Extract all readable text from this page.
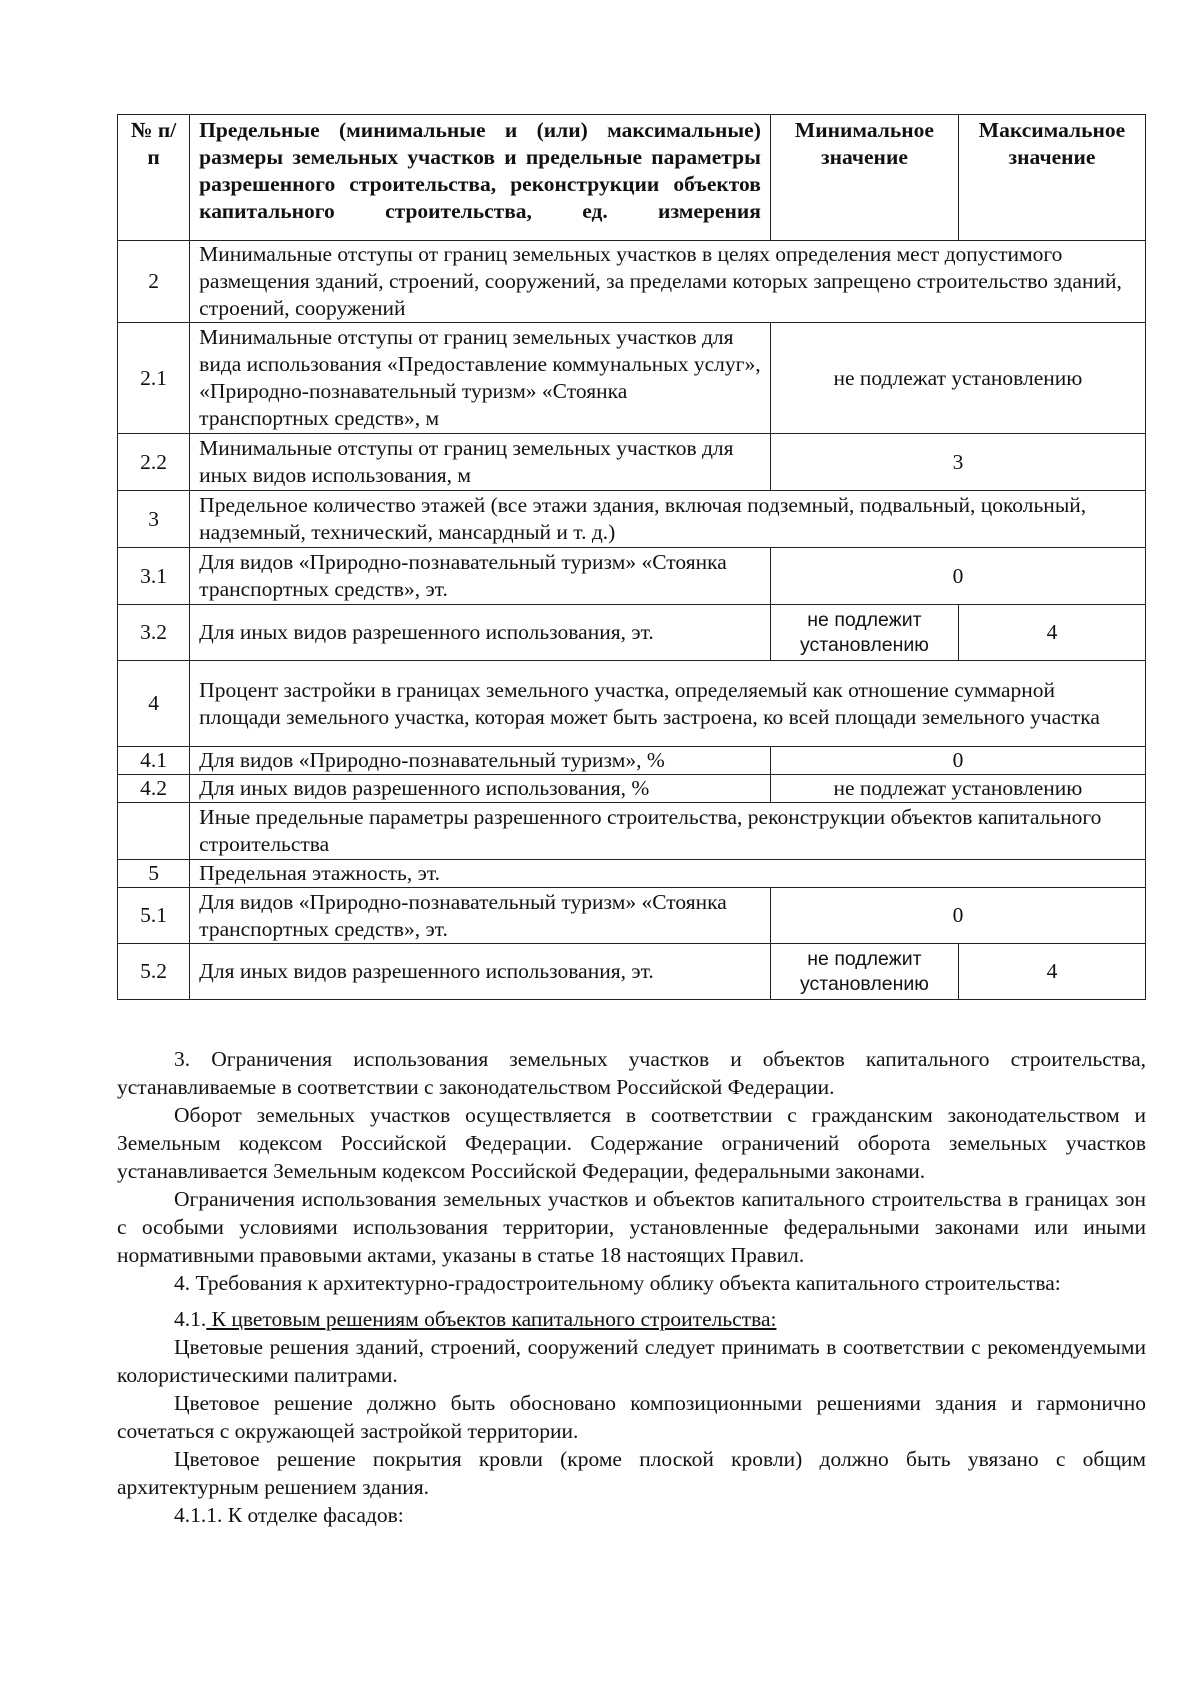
№ п/п	Предельные (минимальные и (или) максимальные) размеры земельных участков и предельные параметры разрешенного строительства, реконструкции объектов капитального строительства, ед. измерения	Минимальное значение	Максимальное значение
2	Минимальные отступы от границ земельных участков в целях определения мест допустимого размещения зданий, строений, сооружений, за пределами которых запрещено строительство зданий, строений, сооружений		
2.1	Минимальные отступы от границ земельных участков для вида использования «Предоставление коммунальных услуг», «Природно-познавательный туризм» «Стоянка транспортных средств», м	не подлежат установлению	
2.2	Минимальные отступы от границ земельных участков для иных видов использования, м	3	
3	Предельное количество этажей (все этажи здания, включая подземный, подвальный, цокольный, надземный, технический, мансардный и т. д.)		
3.1	Для видов «Природно-познавательный туризм» «Стоянка транспортных средств», эт.	0	
3.2	Для иных видов разрешенного использования, эт.	не подлежит установлению	4
4	Процент застройки в границах земельного участка, определяемый как отношение суммарной площади земельного участка, которая может быть застроена, ко всей площади земельного участка		
4.1	Для видов «Природно-познавательный туризм», %	0	
4.2	Для иных видов разрешенного использования, %	не подлежат установлению	
	Иные предельные параметры разрешенного строительства, реконструкции объектов капитального строительства		
5	Предельная этажность, эт.		
5.1	Для видов «Природно-познавательный туризм» «Стоянка транспортных средств», эт.	0	
5.2	Для иных видов разрешенного использования, эт.	не подлежит установлению	4

3. Ограничения использования земельных участков и объектов капитального строительства, устанавливаемые в соответствии с законодательством Российской Федерации.

Оборот земельных участков осуществляется в соответствии с гражданским законодательством и Земельным кодексом Российской Федерации. Содержание ограничений оборота земельных участков устанавливается Земельным кодексом Российской Федерации, федеральными законами.

Ограничения использования земельных участков и объектов капитального строительства в границах зон с особыми условиями использования территории, установленные федеральными законами или иными нормативными правовыми актами, указаны в статье 18 настоящих Правил.

4. Требования к архитектурно-градостроительному облику объекта капитального строительства:

4.1. К цветовым решениям объектов капитального строительства:

Цветовые решения зданий, строений, сооружений следует принимать в соответствии с рекомендуемыми колористическими палитрами.

Цветовое решение должно быть обосновано композиционными решениями здания и гармонично сочетаться с окружающей застройкой территории.

Цветовое решение покрытия кровли (кроме плоской кровли) должно быть увязано с общим архитектурным решением здания.

4.1.1. К отделке фасадов:
